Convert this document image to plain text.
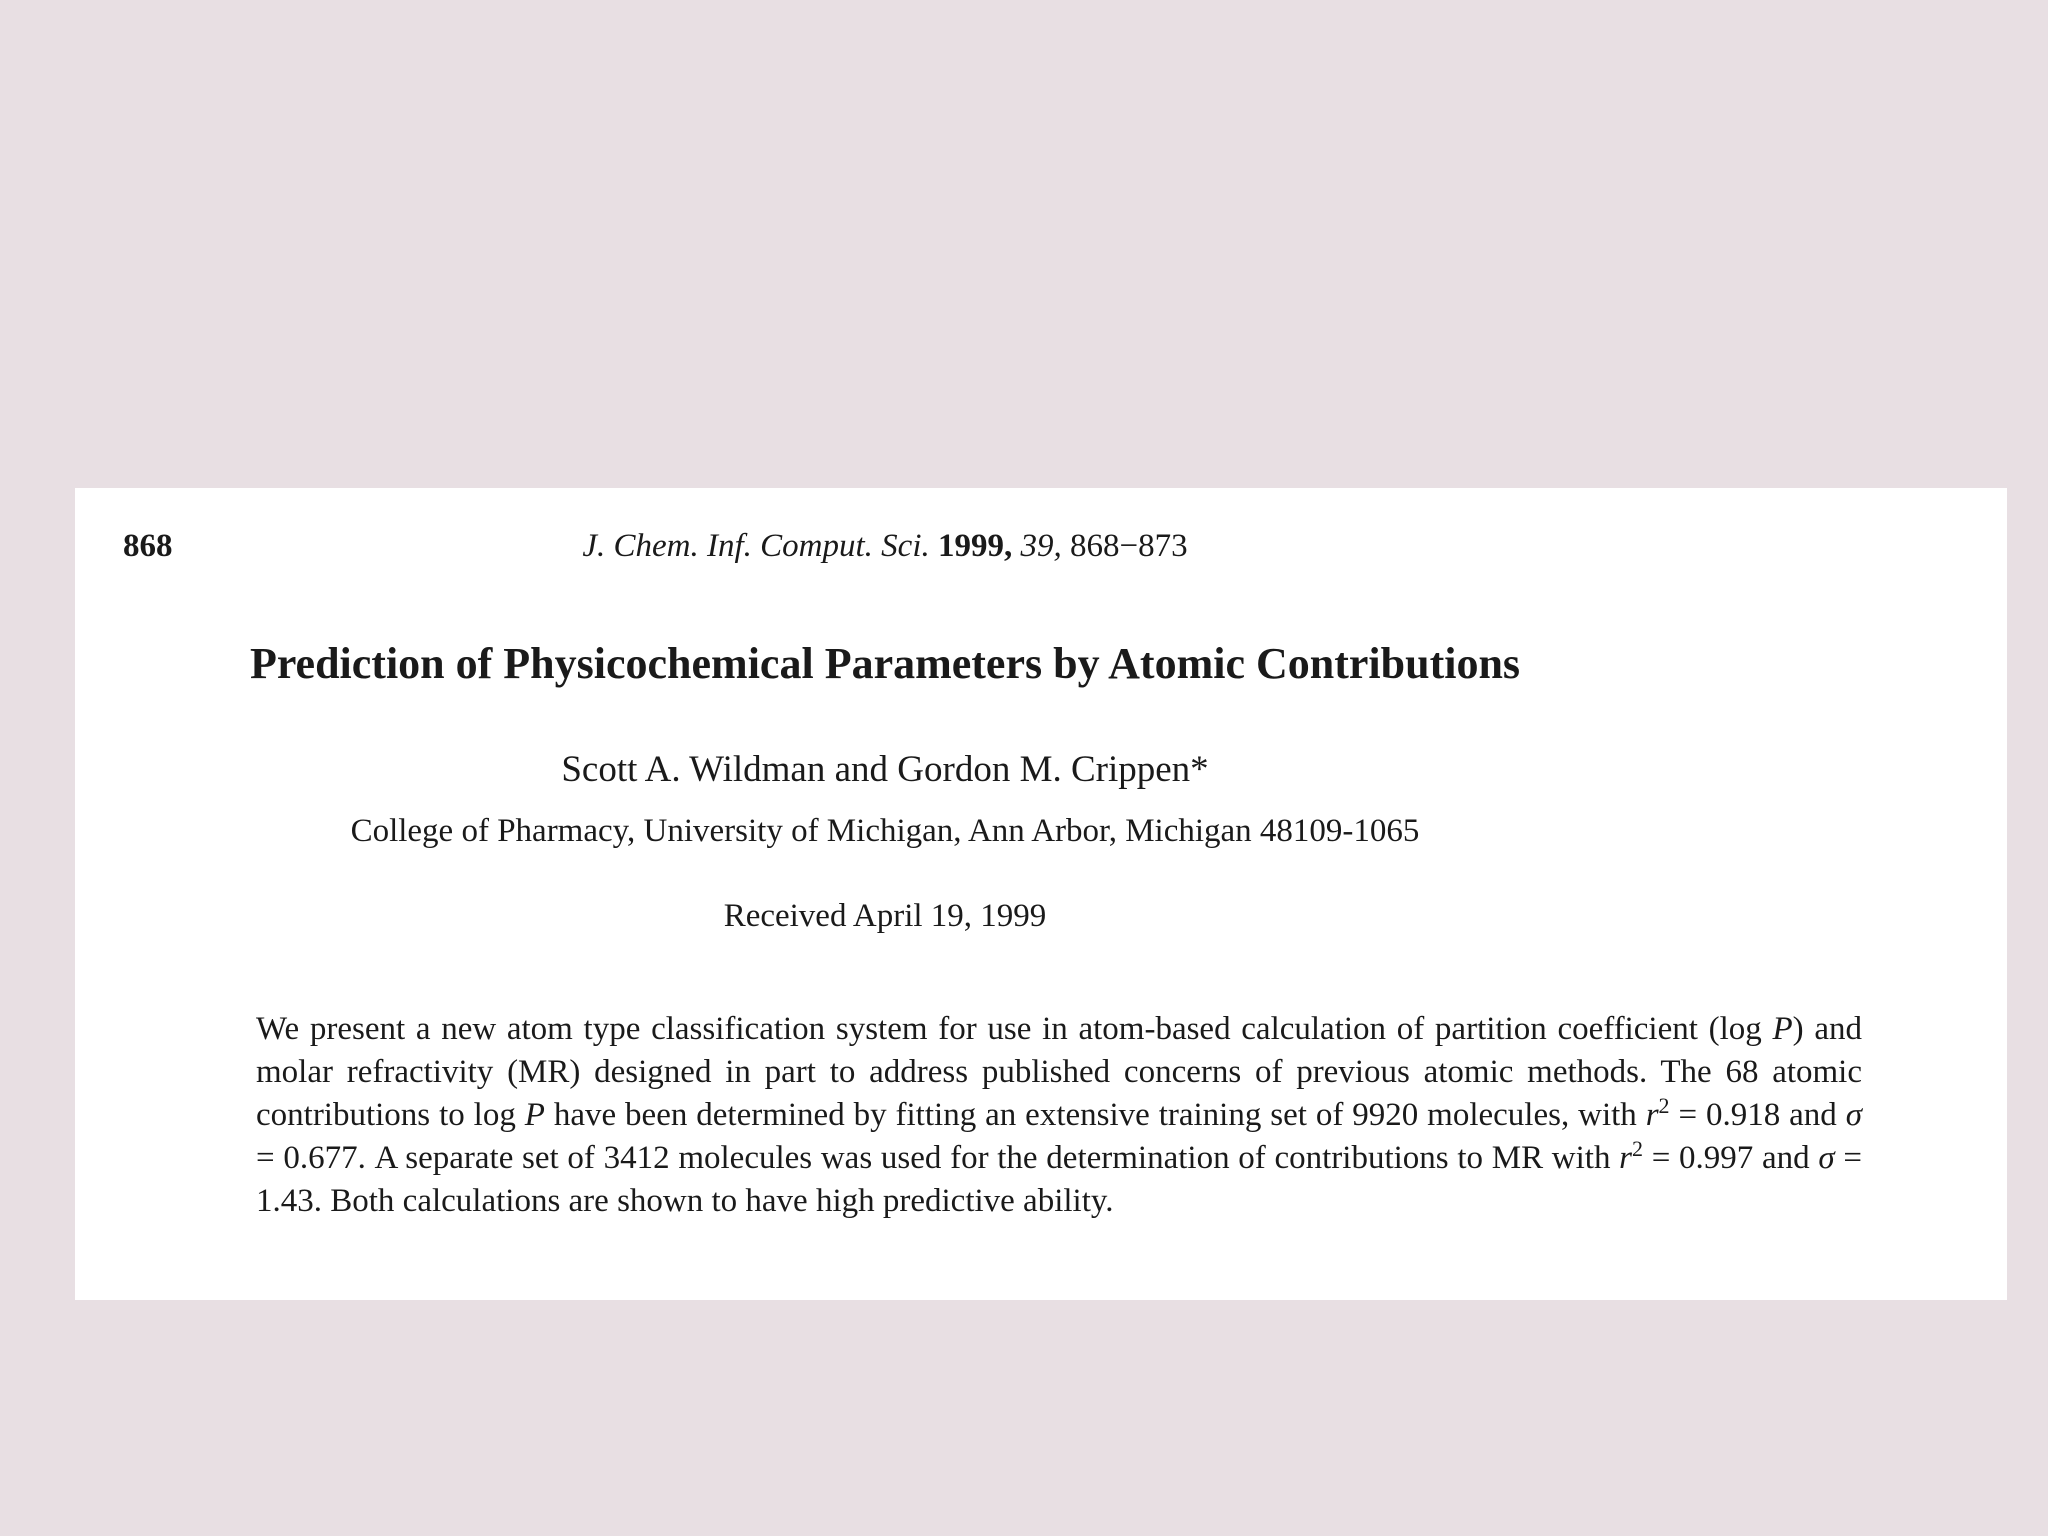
868	J. Chem. Inf. Comput. Sci. 1999, 39, 868−873

Prediction of Physicochemical Parameters by Atomic Contributions

Scott A. Wildman and Gordon M. Crippen*

College of Pharmacy, University of Michigan, Ann Arbor, Michigan 48109-1065

Received April 19, 1999

We present a new atom type classification system for use in atom-based calculation of partition coefficient (log P) and molar refractivity (MR) designed in part to address published concerns of previous atomic methods. The 68 atomic contributions to log P have been determined by fitting an extensive training set of 9920 molecules, with $r^2 = 0.918$ and σ = 0.677. A separate set of 3412 molecules was used for the determination of contributions to MR with $r^2 = 0.997$ and σ = 1.43. Both calculations are shown to have high predictive ability.
